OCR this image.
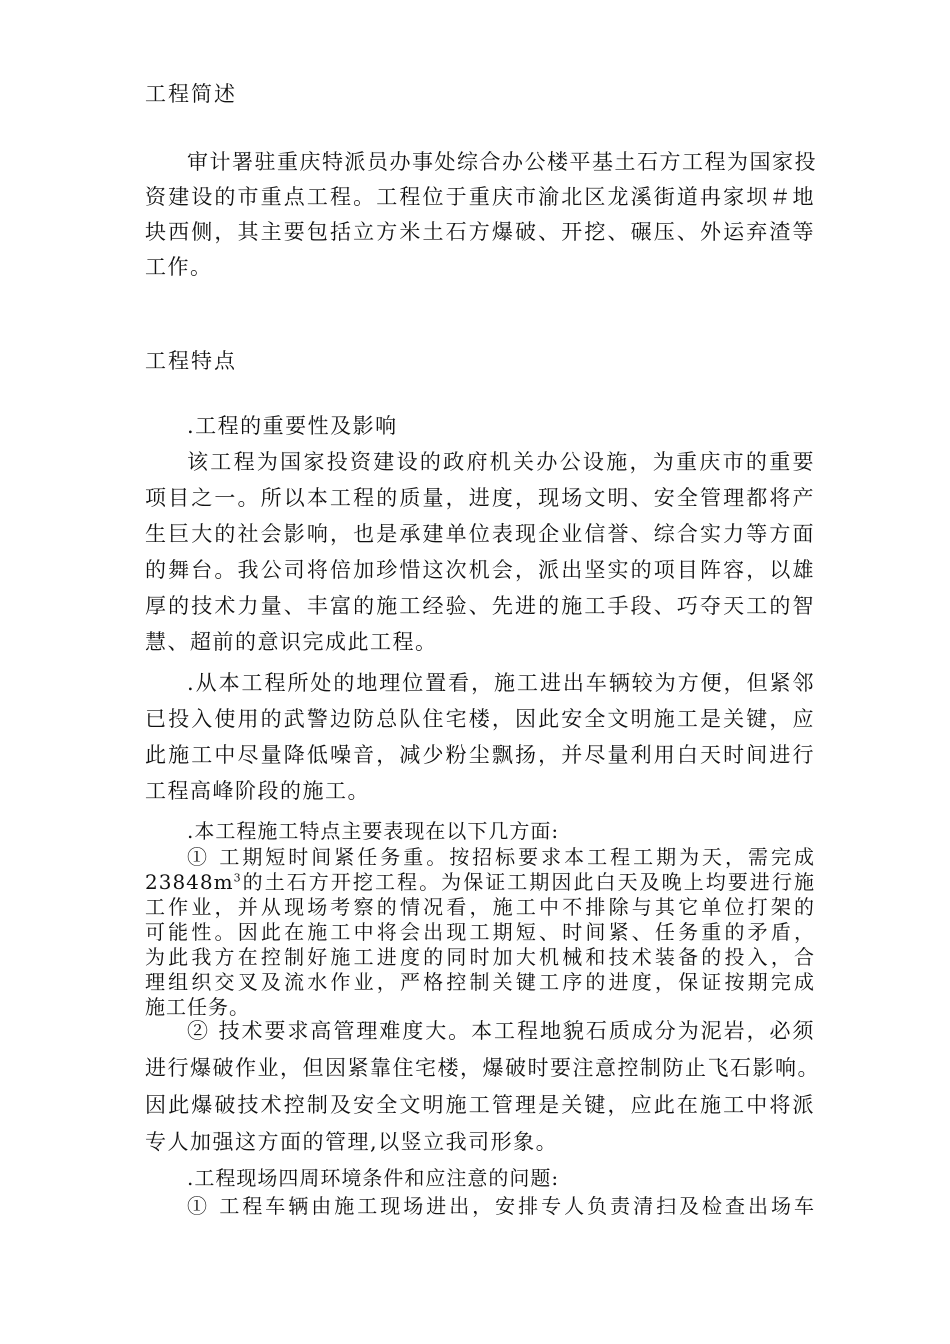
工程简述
审计署驻重庆特派员办事处综合办公楼平基土石方工程为国家投
资建设的市重点工程。工程位于重庆市渝北区龙溪街道冉家坝＃地
块西侧，其主要包括立方米土石方爆破、开挖、碾压、外运弃渣等
工作。
工程特点
.工程的重要性及影响
该工程为国家投资建设的政府机关办公设施，为重庆市的重要
项目之一。所以本工程的质量，进度，现场文明、安全管理都将产
生巨大的社会影响，也是承建单位表现企业信誉、综合实力等方面
的舞台。我公司将倍加珍惜这次机会，派出坚实的项目阵容，以雄
厚的技术力量、丰富的施工经验、先进的施工手段、巧夺天工的智
慧、超前的意识完成此工程。
.从本工程所处的地理位置看，施工进出车辆较为方便，但紧邻
已投入使用的武警边防总队住宅楼，因此安全文明施工是关键，应
此施工中尽量降低噪音，减少粉尘飘扬，并尽量利用白天时间进行
工程高峰阶段的施工。
.本工程施工特点主要表现在以下几方面:
① 工期短时间紧任务重。按招标要求本工程工期为天，需完成
$23848m^3$的土石方开挖工程。为保证工期因此白天及晚上均要进行施
工作业，并从现场考察的情况看，施工中不排除与其它单位打架的
可能性。因此在施工中将会出现工期短、时间紧、任务重的矛盾，
为此我方在控制好施工进度的同时加大机械和技术装备的投入，合
理组织交叉及流水作业，严格控制关键工序的进度，保证按期完成
施工任务。
② 技术要求高管理难度大。本工程地貌石质成分为泥岩，必须
进行爆破作业，但因紧靠住宅楼，爆破时要注意控制防止飞石影响。
因此爆破技术控制及安全文明施工管理是关键，应此在施工中将派
专人加强这方面的管理,以竖立我司形象。
.工程现场四周环境条件和应注意的问题:
① 工程车辆由施工现场进出，安排专人负责清扫及检查出场车
